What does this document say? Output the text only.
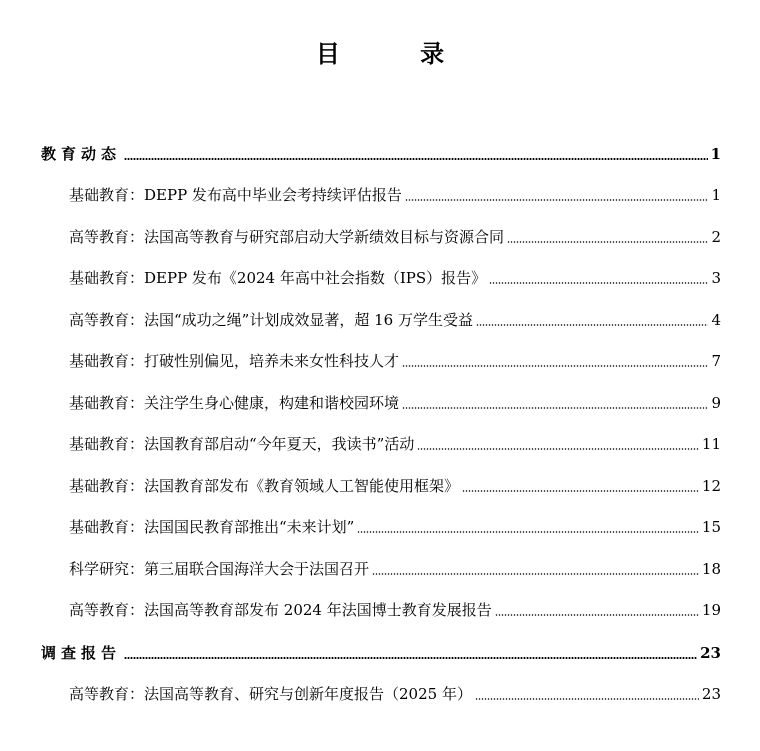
目 录
教育动态	1
基础教育：DEPP 发布高中毕业会考持续评估报告	1
高等教育：法国高等教育与研究部启动大学新绩效目标与资源合同	2
基础教育：DEPP 发布《2024 年高中社会指数（IPS）报告》	3
高等教育：法国“成功之绳”计划成效显著，超 16 万学生受益	4
基础教育：打破性别偏见，培养未来女性科技人才	7
基础教育：关注学生身心健康，构建和谐校园环境	9
基础教育：法国教育部启动“今年夏天，我读书”活动	11
基础教育：法国教育部发布《教育领域人工智能使用框架》	12
基础教育：法国国民教育部推出“未来计划”	15
科学研究：第三届联合国海洋大会于法国召开	18
高等教育：法国高等教育部发布 2024 年法国博士教育发展报告	19
调查报告	23
高等教育：法国高等教育、研究与创新年度报告（2025 年）	23
